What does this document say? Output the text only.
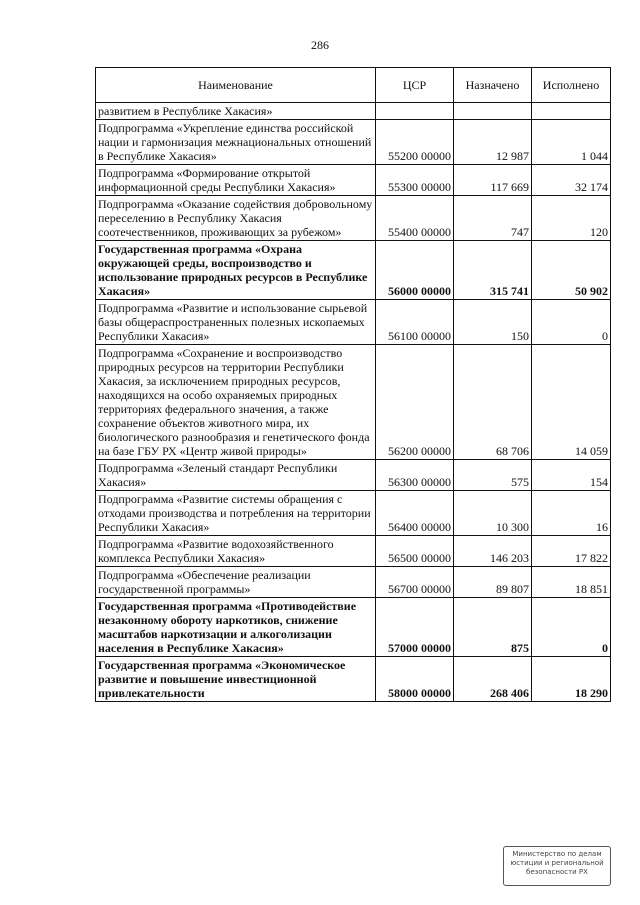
286
Наименование	ЦСР	Назначено	Исполнено
развитием в Республике Хакасия»			
Подпрограмма «Укрепление единства российской нации и гармонизация межнациональных отношений в Республике Хакасия»	55200 00000	12 987	1 044
Подпрограмма «Формирование открытой информационной среды Республики Хакасия»	55300 00000	117 669	32 174
Подпрограмма «Оказание содействия добровольному переселению в Республику Хакасия соотечественников, проживающих за рубежом»	55400 00000	747	120
Государственная программа «Охрана окружающей среды, воспроизводство и использование природных ресурсов в Республике Хакасия»	56000 00000	315 741	50 902
Подпрограмма «Развитие и использование сырьевой базы общераспространенных полезных ископаемых Республики Хакасия»	56100 00000	150	0
Подпрограмма «Сохранение и воспроизводство природных ресурсов на территории Республики Хакасия, за исключением природных ресурсов, находящихся на особо охраняемых природных территориях федерального значения, а также сохранение объектов животного мира, их биологического разнообразия и генетического фонда на базе ГБУ РХ «Центр живой природы»	56200 00000	68 706	14 059
Подпрограмма «Зеленый стандарт Республики Хакасия»	56300 00000	575	154
Подпрограмма «Развитие системы обращения с отходами производства и потребления на территории Республики Хакасия»	56400 00000	10 300	16
Подпрограмма «Развитие водохозяйственного комплекса Республики Хакасия»	56500 00000	146 203	17 822
Подпрограмма «Обеспечение реализации государственной программы»	56700 00000	89 807	18 851
Государственная программа «Противодействие незаконному обороту наркотиков, снижение масштабов наркотизации и алкоголизации населения в Республике Хакасия»	57000 00000	875	0
Государственная программа «Экономическое развитие и повышение инвестиционной привлекательности	58000 00000	268 406	18 290
Министерство по делам
юстиции и региональной
безопасности РХ
